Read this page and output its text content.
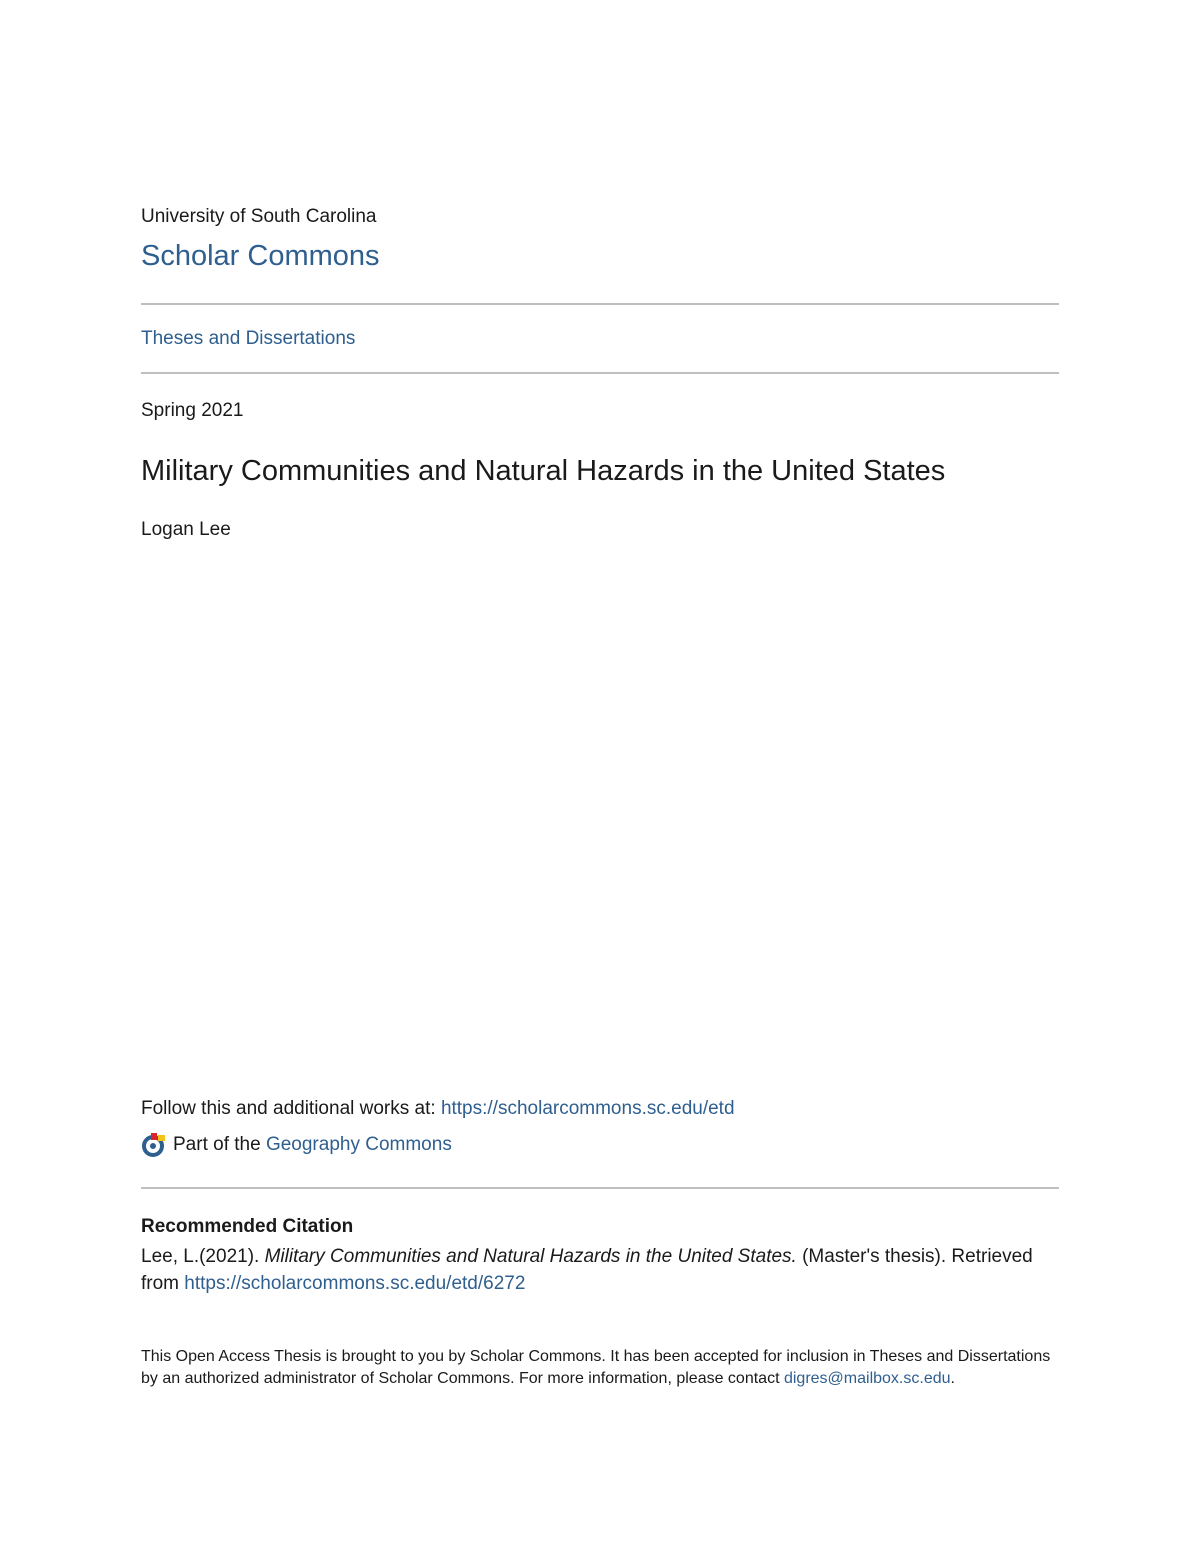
University of South Carolina
Scholar Commons
Theses and Dissertations
Spring 2021
Military Communities and Natural Hazards in the United States
Logan Lee
Follow this and additional works at: https://scholarcommons.sc.edu/etd
Part of the
Geography Commons
Recommended Citation
Lee, L.(2021). Military Communities and Natural Hazards in the United States. (Master's thesis). Retrieved from https://scholarcommons.sc.edu/etd/6272
This Open Access Thesis is brought to you by Scholar Commons. It has been accepted for inclusion in Theses and Dissertations by an authorized administrator of Scholar Commons. For more information, please contact digres@mailbox.sc.edu.
